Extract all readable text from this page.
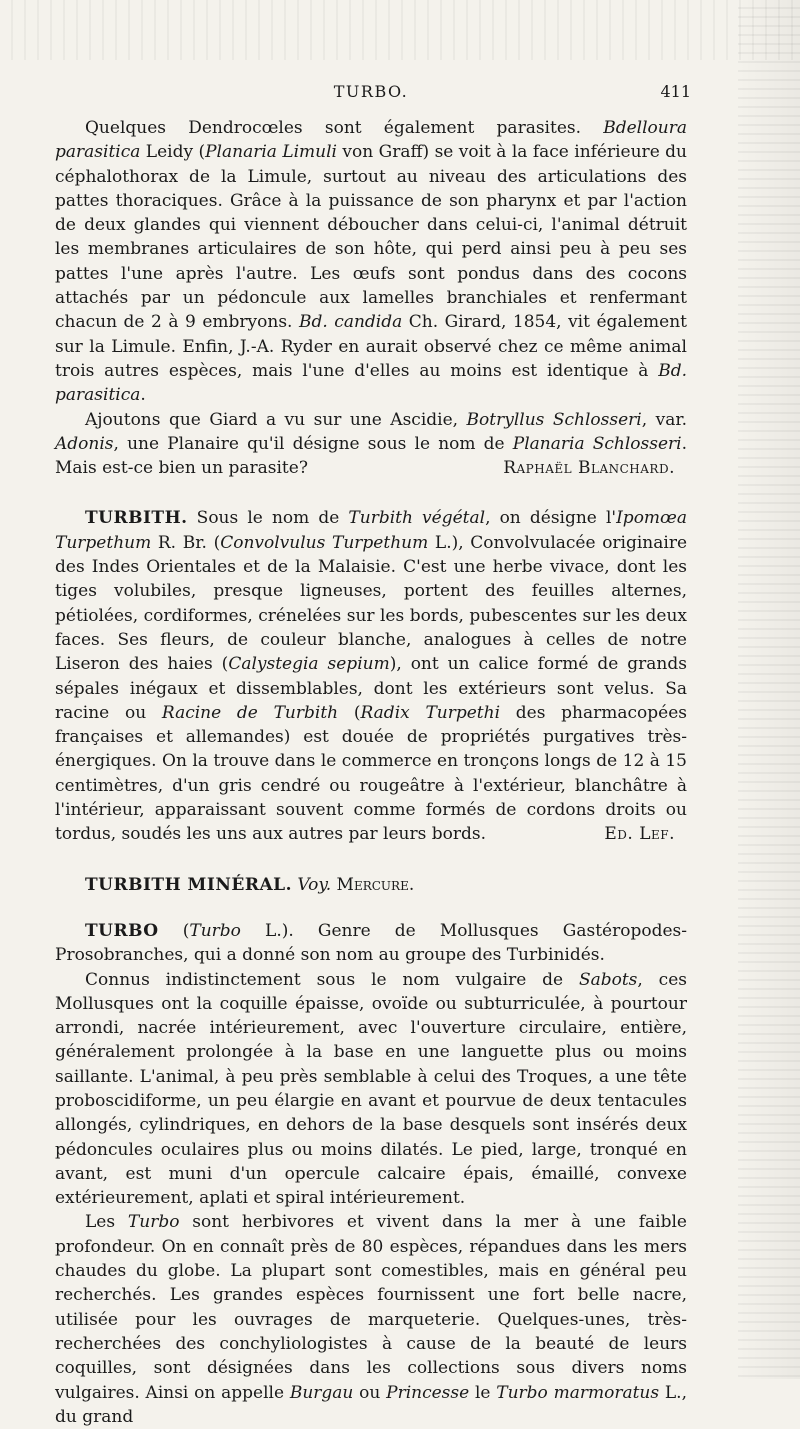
TURBO.	411

Quelques Dendrocœles sont également parasites. Bdelloura parasitica Leidy (Planaria Limuli von Graff) se voit à la face inférieure du céphalothorax de la Limule, surtout au niveau des articulations des pattes thoraciques. Grâce à la puissance de son pharynx et par l'action de deux glandes qui viennent déboucher dans celui-ci, l'animal détruit les membranes articulaires de son hôte, qui perd ainsi peu à peu ses pattes l'une après l'autre. Les œufs sont pondus dans des cocons attachés par un pédoncule aux lamelles branchiales et renfermant chacun de 2 à 9 embryons. Bd. candida Ch. Girard, 1854, vit également sur la Limule. Enfin, J.-A. Ryder en aurait observé chez ce même animal trois autres espèces, mais l'une d'elles au moins est identique à Bd. parasitica.

Ajoutons que Giard a vu sur une Ascidie, Botryllus Schlosseri, var. Adonis, une Planaire qu'il désigne sous le nom de Planaria Schlosseri. Mais est-ce bien un parasite?	Raphaël Blanchard.

TURBITH. Sous le nom de Turbith végétal, on désigne l'Ipomœa Turpethum R. Br. (Convolvulus Turpethum L.), Convolvulacée originaire des Indes Orientales et de la Malaisie. C'est une herbe vivace, dont les tiges volubiles, presque ligneuses, portent des feuilles alternes, pétiolées, cordiformes, crénelées sur les bords, pubescentes sur les deux faces. Ses fleurs, de couleur blanche, analogues à celles de notre Liseron des haies (Calystegia sepium), ont un calice formé de grands sépales inégaux et dissemblables, dont les extérieurs sont velus. Sa racine ou Racine de Turbith (Radix Turpethi des pharmacopées françaises et allemandes) est douée de propriétés purgatives très-énergiques. On la trouve dans le commerce en tronçons longs de 12 à 15 centimètres, d'un gris cendré ou rougeâtre à l'extérieur, blanchâtre à l'intérieur, apparaissant souvent comme formés de cordons droits ou tordus, soudés les uns aux autres par leurs bords.	Ed. Lef.

TURBITH MINÉRAL. Voy. Mercure.

TURBO (Turbo L.). Genre de Mollusques Gastéropodes-Prosobranches, qui a donné son nom au groupe des Turbinidés.

Connus indistinctement sous le nom vulgaire de Sabots, ces Mollusques ont la coquille épaisse, ovoïde ou subturriculée, à pourtour arrondi, nacrée intérieurement, avec l'ouverture circulaire, entière, généralement prolongée à la base en une languette plus ou moins saillante. L'animal, à peu près semblable à celui des Troques, a une tête proboscidiforme, un peu élargie en avant et pourvue de deux tentacules allongés, cylindriques, en dehors de la base desquels sont insérés deux pédoncules oculaires plus ou moins dilatés. Le pied, large, tronqué en avant, est muni d'un opercule calcaire épais, émaillé, convexe extérieurement, aplati et spiral intérieurement.

Les Turbo sont herbivores et vivent dans la mer à une faible profondeur. On en connaît près de 80 espèces, répandues dans les mers chaudes du globe. La plupart sont comestibles, mais en général peu recherchés. Les grandes espèces fournissent une fort belle nacre, utilisée pour les ouvrages de marqueterie. Quelques-unes, très-recherchées des conchyliologistes à cause de la beauté de leurs coquilles, sont désignées dans les collections sous divers noms vulgaires. Ainsi on appelle Burgau ou Princesse le Turbo marmoratus L., du grand
